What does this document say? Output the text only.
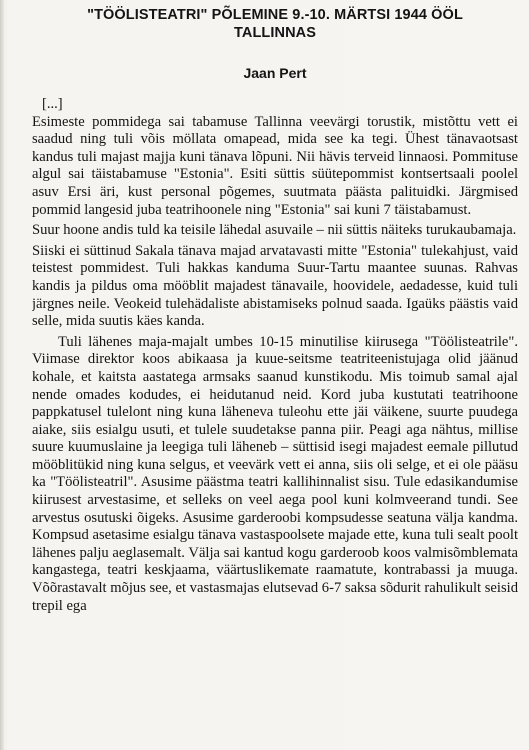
"TÖÖLISTEATRI" PÕLEMINE 9.-10. MÄRTSI 1944 ÖÖL
TALLINNAS
Jaan Pert

[...]

Esimeste pommidega sai tabamuse Tallinna veevärgi torustik, mistõttu vett ei saadud ning tuli võis möllata omapead, mida see ka tegi. Ühest tänavaotsast kandus tuli majast majja kuni tänava lõpuni. Nii hävis terveid linnaosi. Pommituse algul sai täistabamuse "Estonia". Esiti süttis süütepommist kontsertsaali poolel asuv Ersi äri, kust personal põgemes, suutmata päästa palituidki. Järgmised pommid langesid juba teatrihoonele ning "Estonia" sai kuni 7 täistabamust.

Suur hoone andis tuld ka teisile lähedal asuvaile – nii süttis näiteks turukaubamaja.

Siiski ei süttinud Sakala tänava majad arvatavasti mitte "Estonia" tulekahjust, vaid teistest pommidest. Tuli hakkas kanduma Suur-Tartu maantee suunas. Rahvas kandis ja pildus oma mööblit majadest tänavaile, hoovidele, aedadesse, kuid tuli järgnes neile. Veokeid tulehädaliste abistamiseks polnud saada. Igaüks päästis vaid selle, mida suutis käes kanda.

Tuli lähenes maja-majalt umbes 10-15 minutilise kiirusega "Töölisteatrile". Viimase direktor koos abikaasa ja kuue-seitsme teatriteenistujaga olid jäänud kohale, et kaitsta aastatega armsaks saanud kunstikodu. Mis toimub samal ajal nende omades kodudes, ei heidutanud neid. Kord juba kustutati teatrihoone pappkatusel tulelont ning kuna läheneva tuleohu ette jäi väikene, suurte puudega aiake, siis esialgu usuti, et tulele suudetakse panna piir. Peagi aga nähtus, millise suure kuumuslaine ja leegiga tuli läheneb – süttisid isegi majadest eemale pillutud mööblitükid ning kuna selgus, et veevärk vett ei anna, siis oli selge, et ei ole pääsu ka "Töölisteatril". Asusime päästma teatri kallihinnalist sisu. Tule edasikandumise kiirusest arvestasime, et selleks on veel aega pool kuni kolmveerand tundi. See arvestus osutuski õigeks. Asusime garderoobi kompsudesse seatuna välja kandma. Kompsud asetasime esialgu tänava vastaspoolsete majade ette, kuna tuli sealt poolt lähenes palju aeglasemalt. Välja sai kantud kogu garderoob koos valmisõmblemata kangastega, teatri keskjaama, väärtuslikemate raamatute, kontrabassi ja muuga. Võõrastavalt mõjus see, et vastasmajas elutsevad 6-7 saksa sõdurit rahulikult seisid trepil ega
